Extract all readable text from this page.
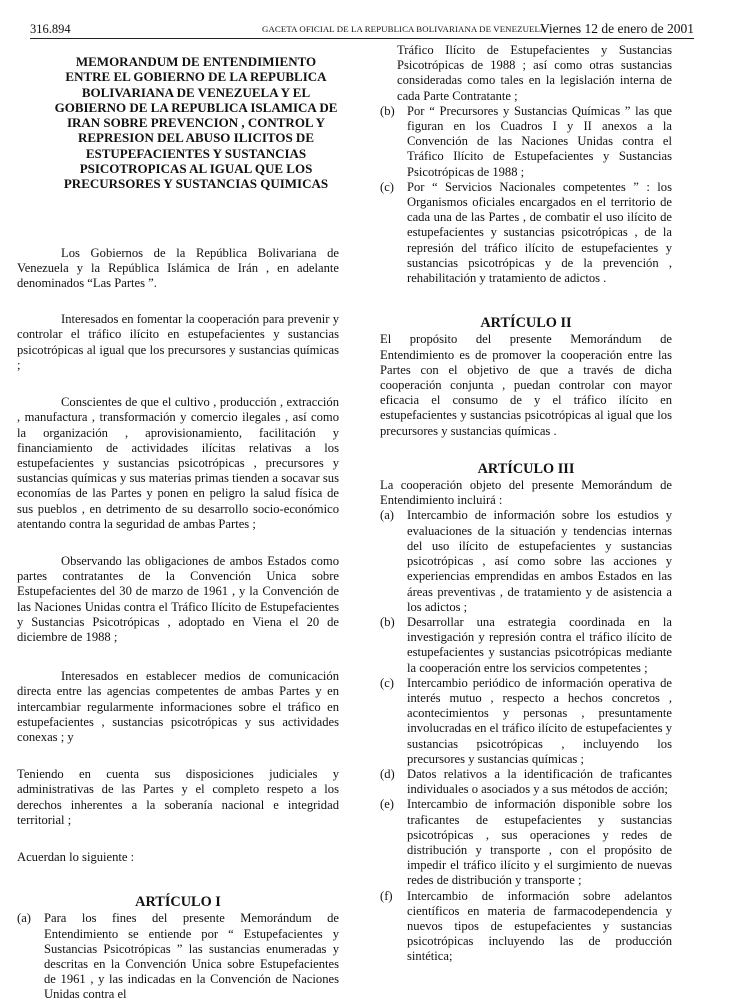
316.894	GACETA OFICIAL DE LA REPUBLICA BOLIVARIANA DE VENEZUELA
Viernes 12 de enero de 2001
MEMORANDUM DE ENTENDIMIENTO ENTRE EL GOBIERNO DE LA REPUBLICA BOLIVARIANA DE VENEZUELA Y EL GOBIERNO DE LA REPUBLICA ISLAMICA DE IRAN SOBRE PREVENCION , CONTROL Y REPRESION DEL ABUSO ILICITOS DE ESTUPEFACIENTES Y SUSTANCIAS PSICOTROPICAS AL IGUAL QUE LOS PRECURSORES Y SUSTANCIAS QUIMICAS

Los Gobiernos de la República Bolivariana de Venezuela y la República Islámica de Irán , en adelante denominados “Las Partes ”.

Interesados en fomentar la cooperación para prevenir y controlar el tráfico ilícito en estupefacientes y sustancias psicotrópicas al igual que los precursores y sustancias químicas ;

Conscientes de que el cultivo , producción , extracción , manufactura , transformación y comercio ilegales , así como la organización , aprovisionamiento, facilitación y financiamiento de actividades ilícitas relativas a los estupefacientes y sustancias psicotrópicas , precursores y sustancias químicas y sus materias primas tienden a socavar sus economías de las Partes y ponen en peligro la salud física de sus pueblos , en detrimento de su desarrollo socio-económico atentando contra la seguridad de ambas Partes ;

Observando las obligaciones de ambos Estados como partes contratantes de la Convención Unica sobre Estupefacientes del 30 de marzo de 1961 , y la Convención de las Naciones Unidas contra el Tráfico Ilícito de Estupefacientes y Sustancias Psicotrópicas , adoptado en Viena el 20 de diciembre de 1988 ;

Interesados en establecer medios de comunicación directa entre las agencias competentes de ambas Partes y en intercambiar regularmente informaciones sobre el tráfico en estupefacientes , sustancias psicotrópicas y sus actividades conexas ; y

Teniendo en cuenta sus disposiciones judiciales y administrativas de las Partes y el completo respeto a los derechos inherentes a la soberanía nacional e integridad territorial ;

Acuerdan lo siguiente :

ARTÍCULO I
(a) Para los fines del presente Memorándum de Entendimiento se entiende por “ Estupefacientes y Sustancias Psicotrópicas ” las sustancias enumeradas y descritas en la Convención Unica sobre Estupefacientes de 1961 , y las indicadas en la Convención de Naciones Unidas contra el

Tráfico Ilícito de Estupefacientes y Sustancias Psicotrópicas de 1988 ; así como otras sustancias consideradas como tales en la legislación interna de cada Parte Contratante ;

(b) Por “ Precursores y Sustancias Químicas ” las que figuran en los Cuadros I y II anexos a la Convención de las Naciones Unidas contra el Tráfico Ilícito de Estupefacientes y Sustancias Psicotrópicas de 1988 ;
(c) Por “ Servicios Nacionales competentes ” : los Organismos oficiales encargados en el territorio de cada una de las Partes , de combatir el uso ilícito de estupefacientes y sustancias psicotrópicas , de la represión del tráfico ilícito de estupefacientes y sustancias psicotrópicas y de la prevención , rehabilitación y tratamiento de adictos .
ARTÍCULO II

El propósito del presente Memorándum de Entendimiento es de promover la cooperación entre las Partes con el objetivo de que a través de dicha cooperación conjunta , puedan controlar con mayor eficacia el consumo de y el tráfico ilícito en estupefacientes y sustancias psicotrópicas al igual que los precursores y sustancias químicas .

ARTÍCULO III

La cooperación objeto del presente Memorándum de Entendimiento incluirá :

(a) Intercambio de información sobre los estudios y evaluaciones de la situación y tendencias internas del uso ilícito de estupefacientes y sustancias psicotrópicas , así como sobre las acciones y experiencias emprendidas en ambos Estados en las áreas preventivas , de tratamiento y de asistencia a los adictos ;
(b) Desarrollar una estrategia coordinada en la investigación y represión contra el tráfico ilícito de estupefacientes y sustancias psicotrópicas mediante la cooperación entre los servicios competentes ;
(c) Intercambio periódico de información operativa de interés mutuo , respecto a hechos concretos , acontecimientos y personas , presuntamente involucradas en el tráfico ilícito de estupefacientes y sustancias psicotrópicas , incluyendo los precursores y sustancias químicas ;
(d) Datos relativos a la identificación de traficantes individuales o asociados y a sus métodos de acción;
(e) Intercambio de información disponible sobre los traficantes de estupefacientes y sustancias psicotrópicas , sus operaciones y redes de distribución y transporte , con el propósito de impedir el tráfico ilícito y el surgimiento de nuevas redes de distribución y transporte ;
(f) Intercambio de información sobre adelantos científicos en materia de farmacodependencia y nuevos tipos de estupefacientes y sustancias psicotrópicas incluyendo las de producción sintética;
